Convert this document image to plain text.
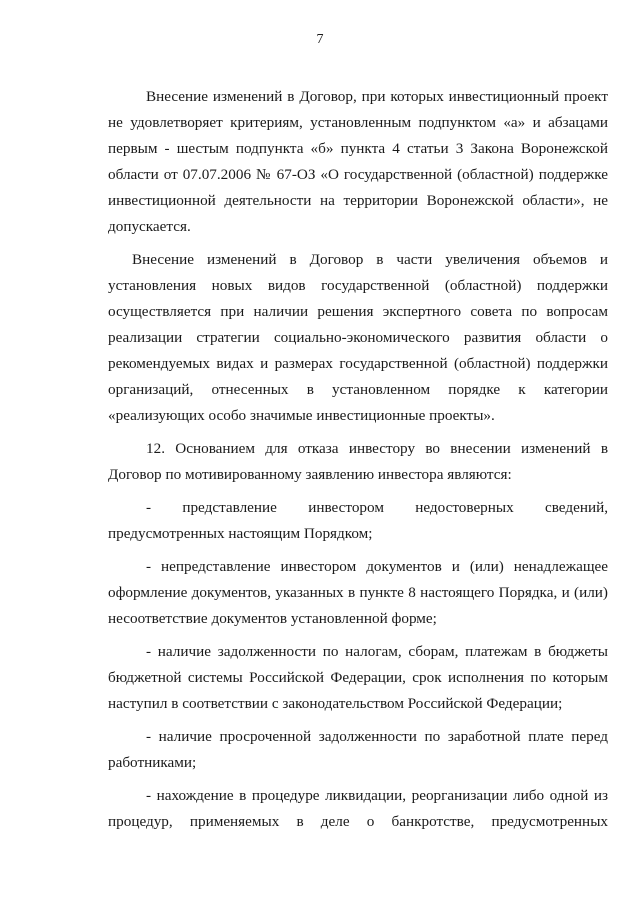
7

Внесение изменений в Договор, при которых инвестиционный проект не удовлетворяет критериям, установленным подпунктом «а» и абзацами первым - шестым подпункта «б» пункта 4 статьи 3 Закона Воронежской области от 07.07.2006 № 67-ОЗ «О государственной (областной) поддержке инвестиционной деятельности на территории Воронежской области», не допускается.

Внесение изменений в Договор в части увеличения объемов и установления новых видов государственной (областной) поддержки осуществляется при наличии решения экспертного совета по вопросам реализации стратегии социально-экономического развития области о рекомендуемых видах и размерах государственной (областной) поддержки организаций, отнесенных в установленном порядке к категории «реализующих особо значимые инвестиционные проекты».

12. Основанием для отказа инвестору во внесении изменений в Договор по мотивированному заявлению инвестора являются:

- представление инвестором недостоверных сведений, предусмотренных настоящим Порядком;

- непредставление инвестором документов и (или) ненадлежащее оформление документов, указанных в пункте 8 настоящего Порядка, и (или) несоответствие документов установленной форме;

- наличие задолженности по налогам, сборам, платежам в бюджеты бюджетной системы Российской Федерации, срок исполнения по которым наступил в соответствии с законодательством Российской Федерации;

- наличие просроченной задолженности по заработной плате перед работниками;

- нахождение в процедуре ликвидации, реорганизации либо одной из процедур, применяемых в деле о банкротстве, предусмотренных
